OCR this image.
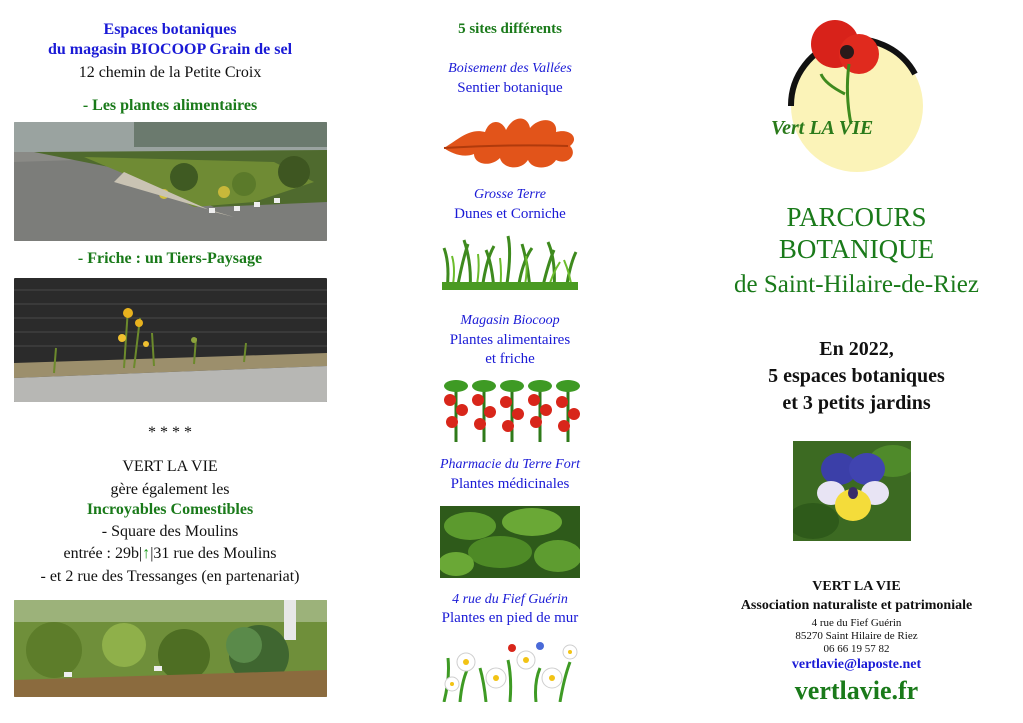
Espaces botaniques
du magasin BIOCOOP Grain de sel
12 chemin de la Petite Croix
- Les plantes alimentaires
- Friche : un Tiers-Paysage
* * * *
VERT LA VIE
gère également les
Incroyables Comestibles
- Square des Moulins
entrée : 29b|↑|31 rue des Moulins
- et 2 rue des Tressanges (en partenariat)
5 sites différents
Boisement des Vallées
Sentier botanique
Grosse Terre
Dunes et Corniche
Magasin Biocoop
Plantes alimentaires
et friche
Pharmacie du Terre Fort
Plantes médicinales
4 rue du Fief Guérin
Plantes en pied de mur
Vert LA VIE
PARCOURS
BOTANIQUE
de Saint-Hilaire-de-Riez
En 2022,
5 espaces botaniques
et 3 petits jardins
VERT LA VIE
Association naturaliste et patrimoniale
4 rue du Fief Guérin
85270 Saint Hilaire de Riez
06 66 19 57 82
vertlavie@laposte.net
vertlavie.fr
